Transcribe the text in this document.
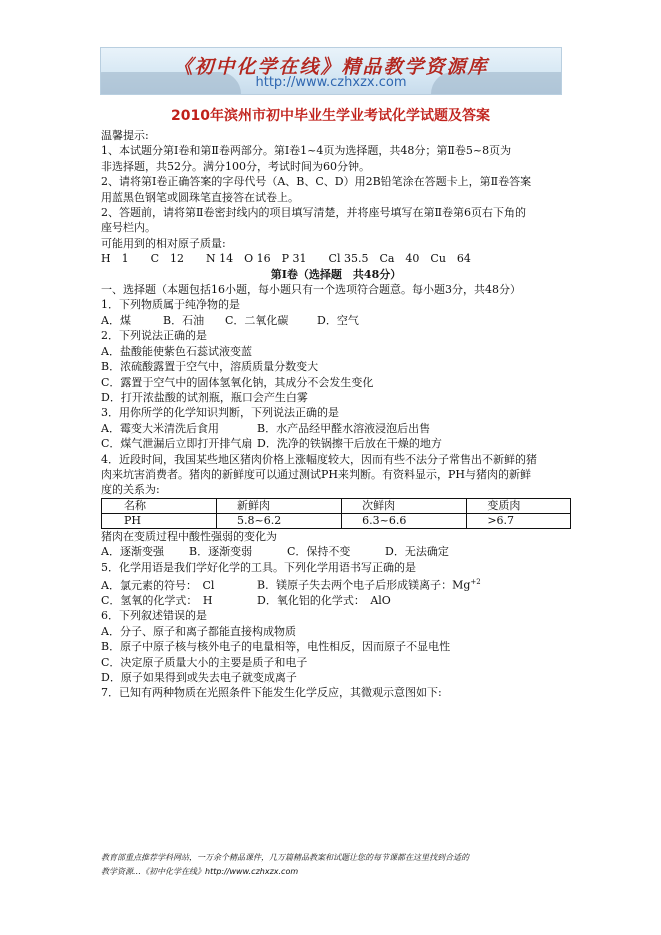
《初中化学在线》精品教学资源库
http://www.czhxzx.com
2010年滨州市初中毕业生学业考试化学试题及答案

温馨提示:

1、本试题分第Ⅰ卷和第Ⅱ卷两部分。第Ⅰ卷1~4页为选择题，共48分；第Ⅱ卷5~8页为

非选择题，共52分。满分100分，考试时间为60分钟。

2、请将第Ⅰ卷正确答案的字母代号（A、B、C、D）用2B铅笔涂在答题卡上，第Ⅱ卷答案

用蓝黑色钢笔或圆珠笔直接答在试卷上。

2、答题前，请将第Ⅱ卷密封线内的项目填写清楚，并将座号填写在第Ⅱ卷第6页右下角的

座号栏内。

可能用到的相对原子质量:

H　1　　C　12　　N 14　O 16　P 31　　Cl 35.5　Ca　40　Cu　64

第Ⅰ卷（选择题　共48分）

一、选择题（本题包括16小题，每小题只有一个选项符合题意。每小题3分，共48分）

1．下列物质属于纯净物的是

A．煤	B．石油 C．二氧化碳	D．空气

2．下列说法正确的是

A．盐酸能使紫色石蕊试液变蓝

B．浓硫酸露置于空气中，溶质质量分数变大

C．露置于空气中的固体氢氧化钠，其成分不会发生变化

D．打开浓盐酸的试剂瓶，瓶口会产生白雾

3．用你所学的化学知识判断，下列说法正确的是

A．霉变大米清洗后食用	B．水产品经甲醛水溶液浸泡后出售

C．煤气泄漏后立即打开排气扇 D．洗净的铁锅擦干后放在干燥的地方

4．近段时间，我国某些地区猪肉价格上涨幅度较大，因而有些不法分子常售出不新鲜的猪

肉来坑害消费者。猪肉的新鲜度可以通过测试PH来判断。有资料显示，PH与猪肉的新鲜

度的关系为:

名称	新鲜肉	次鲜肉	变质肉
PH	5.8~6.2	6.3~6.6	>6.7

猪肉在变质过程中酸性强弱的变化为

A．逐渐变强 B．逐渐变弱	C．保持不变	D．无法确定

5．化学用语是我们学好化学的工具。下列化学用语书写正确的是

A．氯元素的符号：　Cl	B．镁原子失去两个电子后形成镁离子：$Mg^{+2}$

C．氢氧的化学式：　H	D．氧化铝的化学式：　AlO

6．下列叙述错误的是

A．分子、原子和离子都能直接构成物质

B．原子中原子核与核外电子的电量相等，电性相反，因而原子不显电性

C．决定原子质量大小的主要是质子和电子

D．原子如果得到或失去电子就变成离子

7．已知有两种物质在光照条件下能发生化学反应，其微观示意图如下:

教育部重点推荐学科网站，一万余个精品课件，几万篇精品教案和试题让您的每节课都在这里找到合适的
教学资源…《初中化学在线》http://www.czhxzx.com
